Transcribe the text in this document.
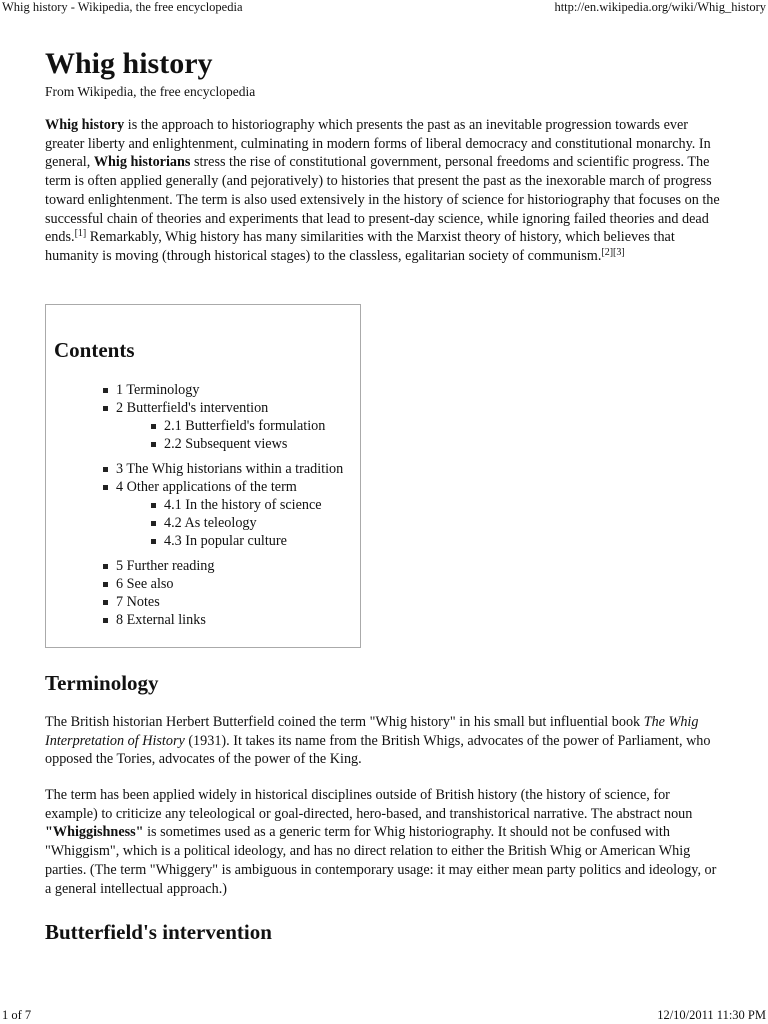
Whig history - Wikipedia, the free encyclopedia	http://en.wikipedia.org/wiki/Whig_history
Whig history
From Wikipedia, the free encyclopedia

Whig history is the approach to historiography which presents the past as an inevitable progression towards ever greater liberty and enlightenment, culminating in modern forms of liberal democracy and constitutional monarchy. In general, Whig historians stress the rise of constitutional government, personal freedoms and scientific progress. The term is often applied generally (and pejoratively) to histories that present the past as the inexorable march of progress toward enlightenment. The term is also used extensively in the history of science for historiography that focuses on the successful chain of theories and experiments that lead to present-day science, while ignoring failed theories and dead ends.[1] Remarkably, Whig history has many similarities with the Marxist theory of history, which believes that humanity is moving (through historical stages) to the classless, egalitarian society of communism.[2][3]

Contents
1 Terminology
2 Butterfield's intervention
2.1 Butterfield's formulation
2.2 Subsequent views
3 The Whig historians within a tradition
4 Other applications of the term
4.1 In the history of science
4.2 As teleology
4.3 In popular culture
5 Further reading
6 See also
7 Notes
8 External links
Terminology

The British historian Herbert Butterfield coined the term "Whig history" in his small but influential book The Whig Interpretation of History (1931). It takes its name from the British Whigs, advocates of the power of Parliament, who opposed the Tories, advocates of the power of the King.

The term has been applied widely in historical disciplines outside of British history (the history of science, for example) to criticize any teleological or goal-directed, hero-based, and transhistorical narrative. The abstract noun "Whiggishness" is sometimes used as a generic term for Whig historiography. It should not be confused with "Whiggism", which is a political ideology, and has no direct relation to either the British Whig or American Whig parties. (The term "Whiggery" is ambiguous in contemporary usage: it may either mean party politics and ideology, or a general intellectual approach.)

Butterfield's intervention
1 of 7	12/10/2011 11:30 PM
